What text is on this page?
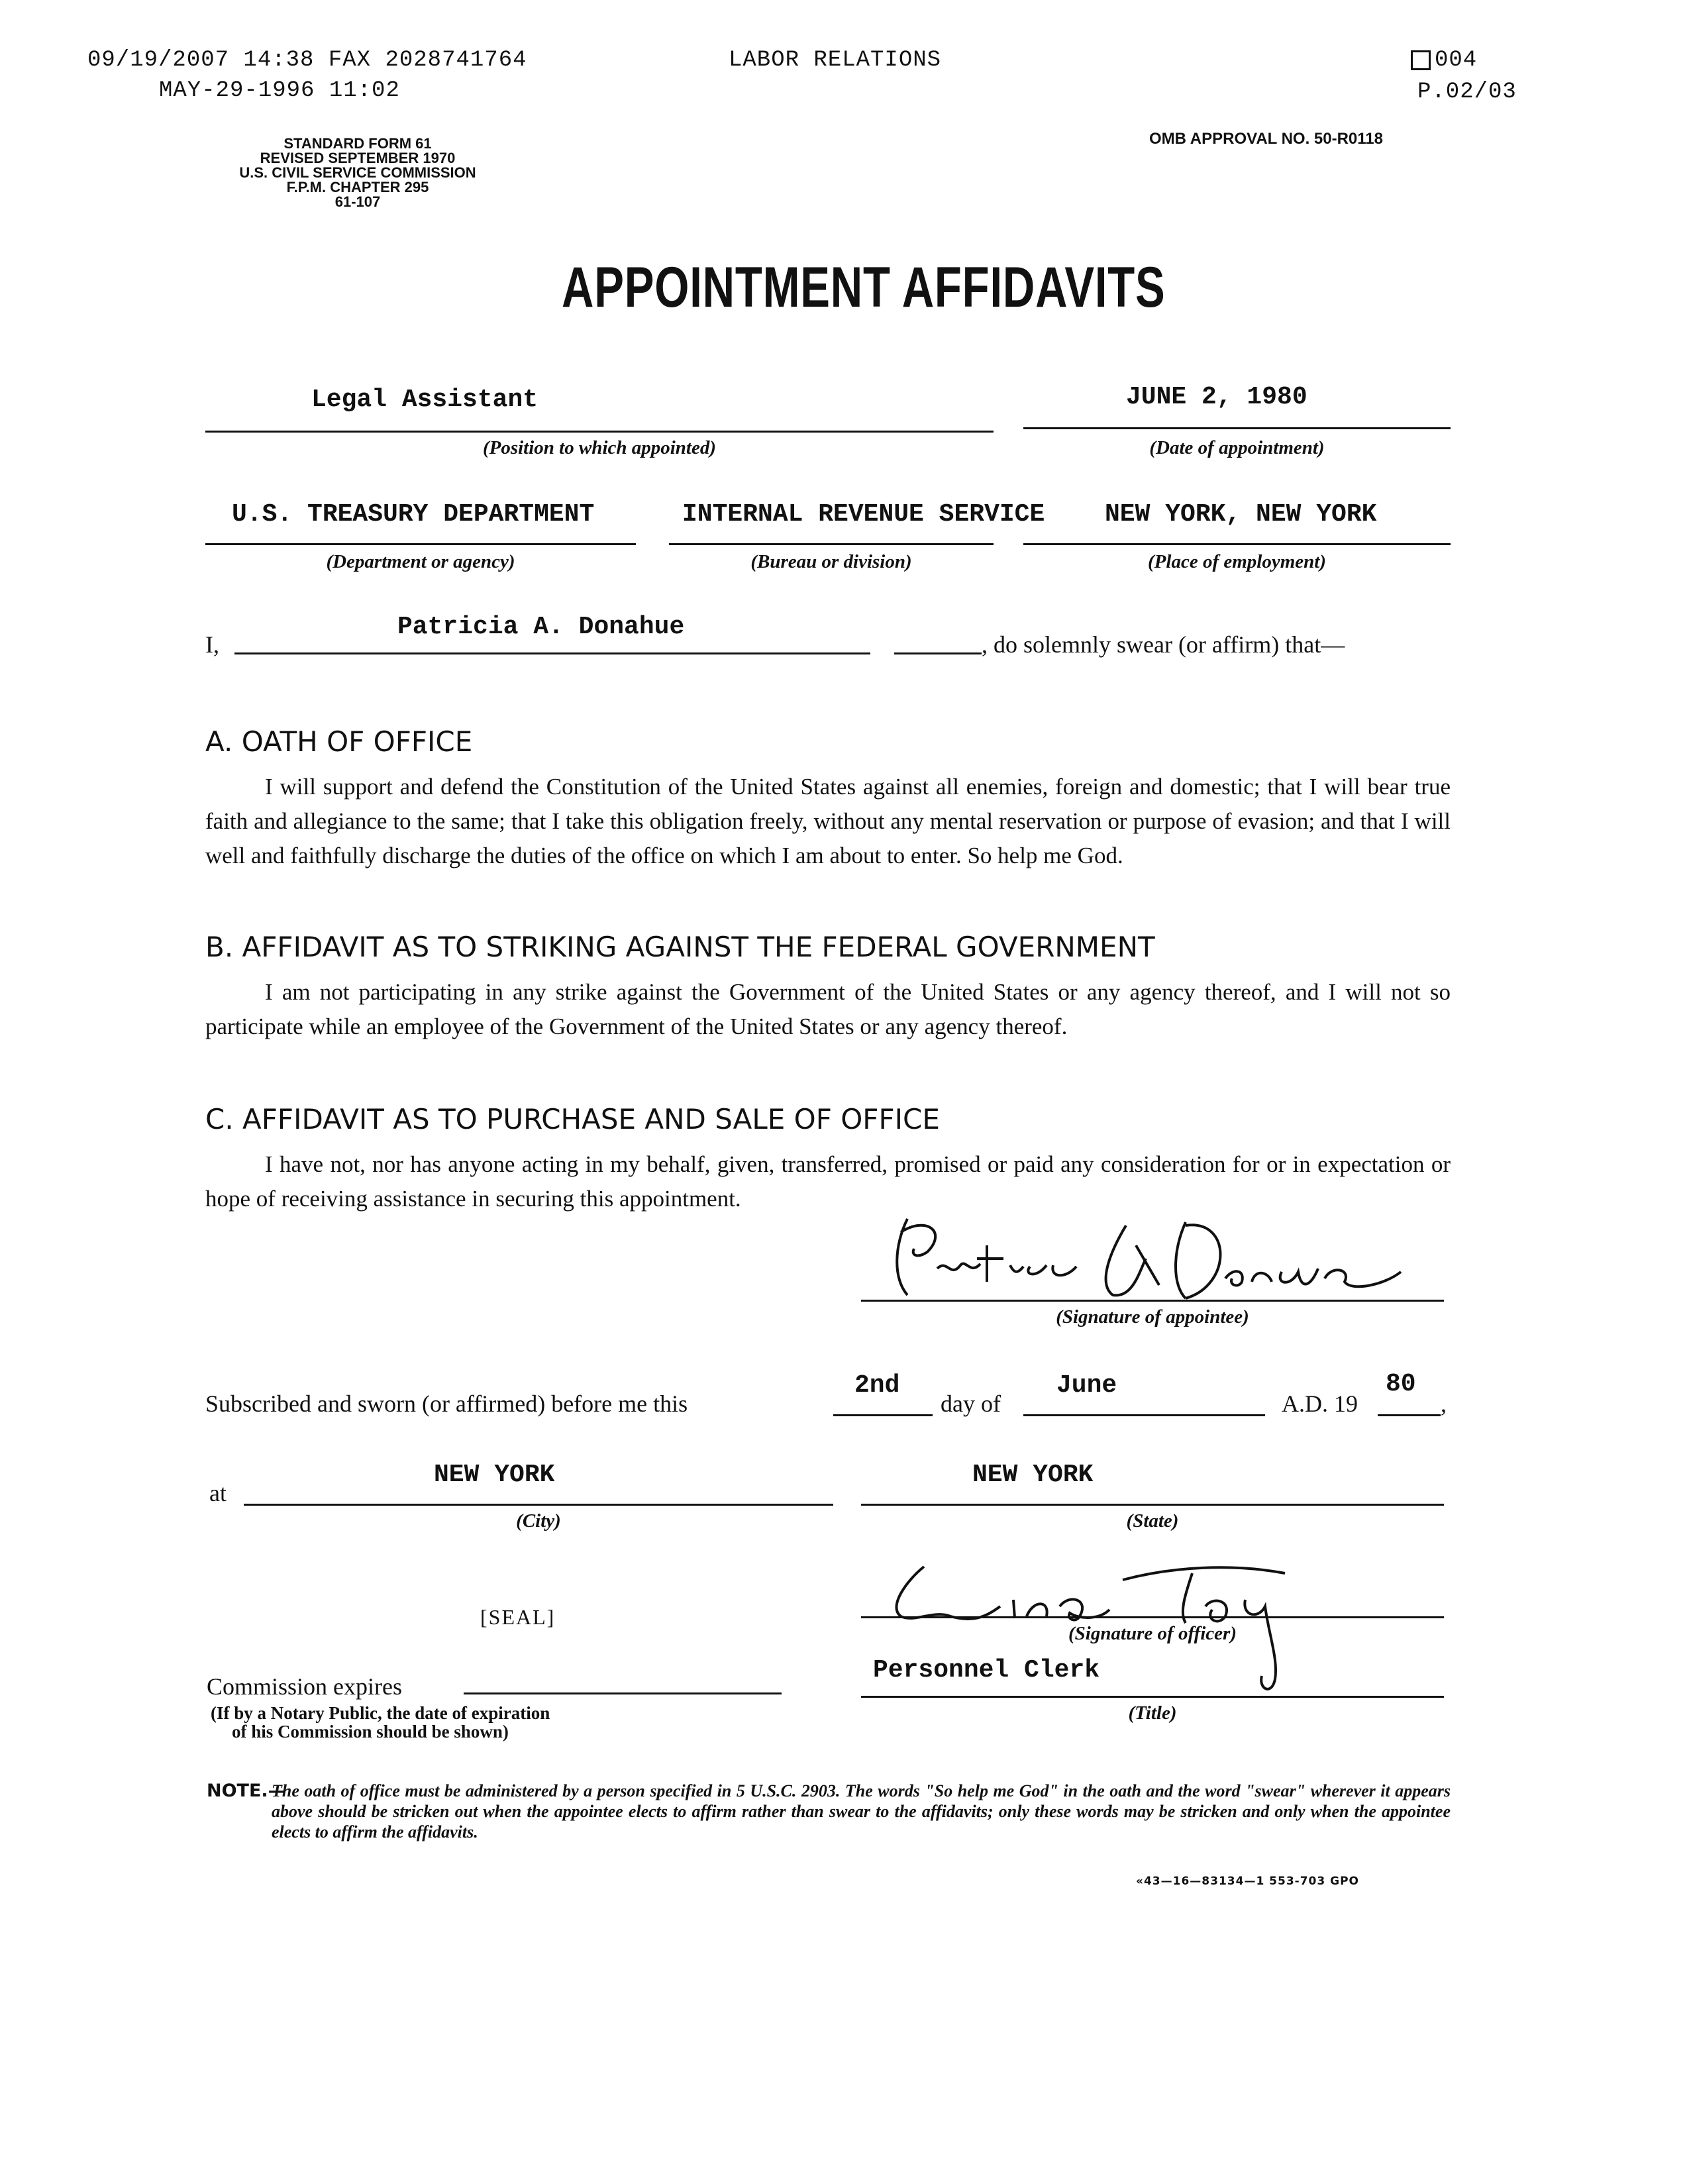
09/19/2007 14:38 FAX 2028741764	LABOR RELATIONS	004
MAY-29-1996 11:02	P.02/03
STANDARD FORM 61
REVISED SEPTEMBER 1970
U.S. CIVIL SERVICE COMMISSION
F.P.M. CHAPTER 295
61-107
OMB APPROVAL NO. 50-R0118
APPOINTMENT AFFIDAVITS
Legal Assistant
(Position to which appointed)
JUNE 2, 1980
(Date of appointment)
U.S. TREASURY DEPARTMENT
(Department or agency)
INTERNAL REVENUE SERVICE
(Bureau or division)
NEW YORK, NEW YORK
(Place of employment)
I,
Patricia A. Donahue
, do solemnly swear (or affirm) that—
A. OATH OF OFFICE
I will support and defend the Constitution of the United States against all enemies, foreign and domestic; that I will bear true faith and allegiance to the same; that I take this obligation freely, without any mental reservation or purpose of evasion; and that I will well and faithfully discharge the duties of the office on which I am about to enter. So help me God.
B. AFFIDAVIT AS TO STRIKING AGAINST THE FEDERAL GOVERNMENT
I am not participating in any strike against the Government of the United States or any agency thereof, and I will not so participate while an employee of the Government of the United States or any agency thereof.
C. AFFIDAVIT AS TO PURCHASE AND SALE OF OFFICE
I have not, nor has anyone acting in my behalf, given, transferred, promised or paid any consideration for or in expectation or hope of receiving assistance in securing this appointment.
(Signature of appointee)
Subscribed and sworn (or affirmed) before me this
2nd
day of
June
A.D. 19
80
,
at
NEW YORK
(City)
NEW YORK
(State)
[SEAL]
(Signature of officer)
Personnel Clerk
(Title)
Commission expires
(If by a Notary Public, the date of expiration
of his Commission should be shown)
NOTE.—
The oath of office must be administered by a person specified in 5 U.S.C. 2903. The words "So help me God" in the oath and the word "swear" wherever it appears above should be stricken out when the appointee elects to affirm rather than swear to the affidavits; only these words may be stricken and only when the appointee elects to affirm the affidavits.
«43—16—83134—1 553-703 GPO
